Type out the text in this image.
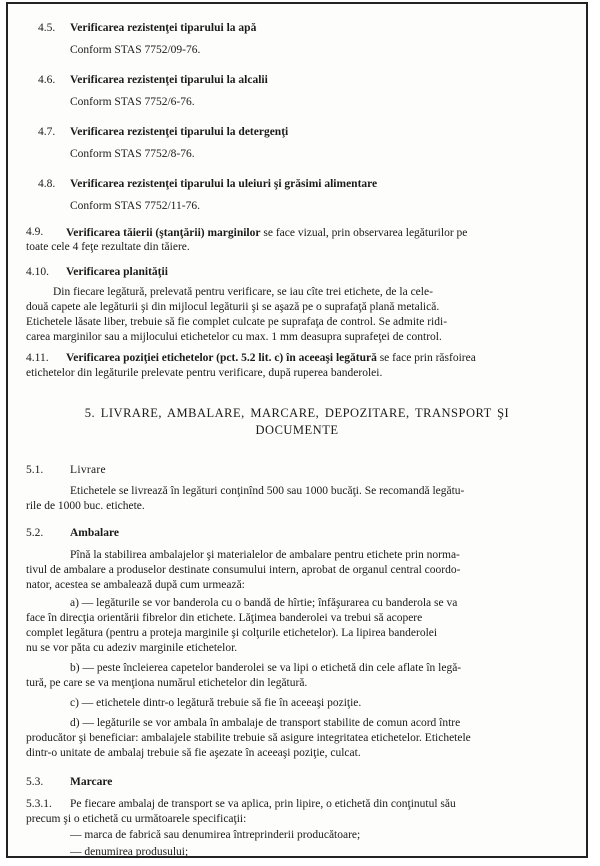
4.5. Verificarea rezistenţei tiparului la apă
Conform STAS 7752/09-76.
4.6. Verificarea rezistenţei tiparului la alcalii
Conform STAS 7752/6-76.
4.7. Verificarea rezistenţei tiparului la detergenţi
Conform STAS 7752/8-76.
4.8. Verificarea rezistenţei tiparului la uleiuri şi grăsimi alimentare
Conform STAS 7752/11-76.
4.9. Verificarea tăierii (ştanţării) marginilor se face vizual, prin observarea legăturilor pe
toate cele 4 feţe rezultate din tăiere.
4.10. Verificarea planităţii
Din fiecare legătură, prelevată pentru verificare, se iau cîte trei etichete, de la cele-
două capete ale legăturii şi din mijlocul legăturii şi se aşază pe o suprafaţă plană metalică.
Etichetele lăsate liber, trebuie să fie complet culcate pe suprafaţa de control. Se admite ridi-
carea marginilor sau a mijlocului etichetelor cu max. 1 mm deasupra suprafeţei de control.
4.11. Verificarea poziţiei etichetelor (pct. 5.2 lit. c) în aceeaşi legătură se face prin răsfoirea
etichetelor din legăturile prelevate pentru verificare, după ruperea banderolei.
5. LIVRARE, AMBALARE, MARCARE, DEPOZITARE, TRANSPORT ŞI
DOCUMENTE
5.1. Livrare
Etichetele se livrează în legături conţinînd 500 sau 1000 bucăţi. Se recomandă legătu-
rile de 1000 buc. etichete.
5.2. Ambalare
Pînă la stabilirea ambalajelor şi materialelor de ambalare pentru etichete prin norma-
tivul de ambalare a produselor destinate consumului intern, aprobat de organul central coordo-
nator, acestea se ambalează după cum urmează:
a) — legăturile se vor banderola cu o bandă de hîrtie; înfăşurarea cu banderola se va
face în direcţia orientării fibrelor din etichete. Lăţimea banderolei va trebui să acopere
complet legătura (pentru a proteja marginile şi colţurile etichetelor). La lipirea banderolei
nu se vor păta cu adeziv marginile etichetelor.
b) — peste încleierea capetelor banderolei se va lipi o etichetă din cele aflate în legă-
tură, pe care se va menţiona numărul etichetelor din legătură.
c) — etichetele dintr-o legătură trebuie să fie în aceeaşi poziţie.
d) — legăturile se vor ambala în ambalaje de transport stabilite de comun acord între
producător şi beneficiar: ambalajele stabilite trebuie să asigure integritatea etichetelor. Etichetele
dintr-o unitate de ambalaj trebuie să fie aşezate în aceeaşi poziţie, culcat.
5.3. Marcare
5.3.1. Pe fiecare ambalaj de transport se va aplica, prin lipire, o etichetă din conţinutul său
precum şi o etichetă cu următoarele specificaţii:
— marca de fabrică sau denumirea întreprinderii producătoare;
— denumirea produsului;
